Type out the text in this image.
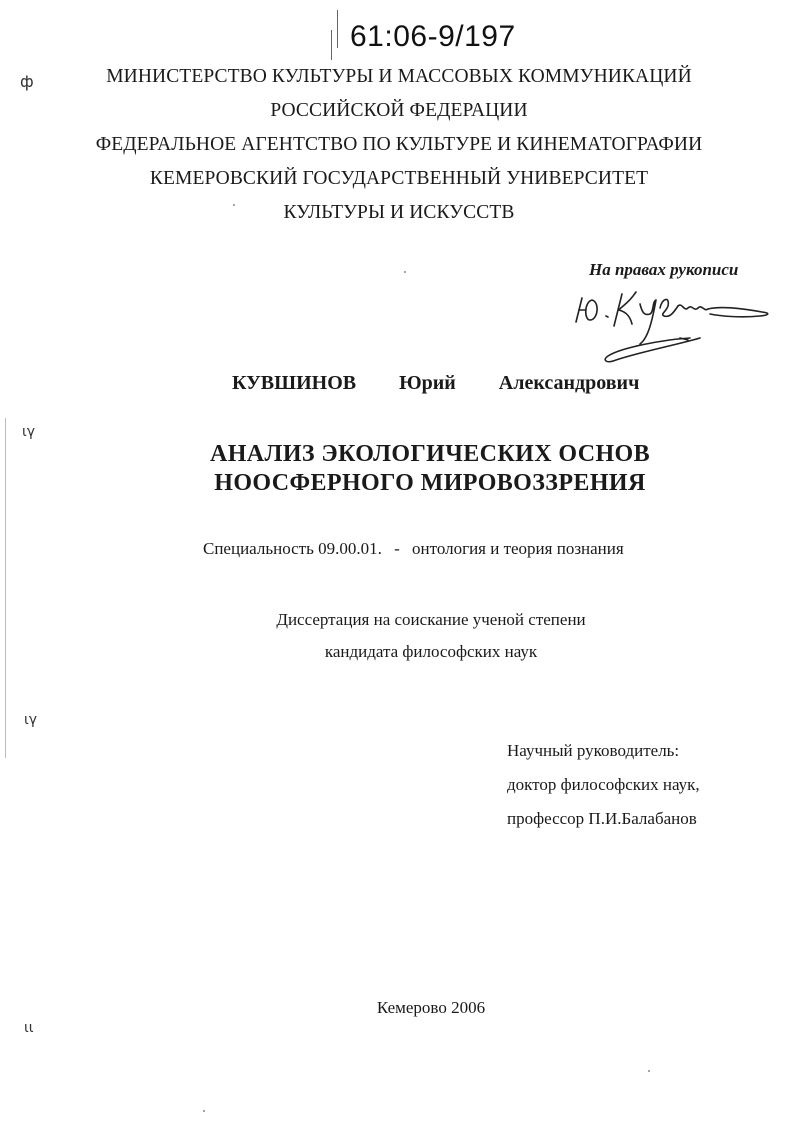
61:06-9/197
МИНИСТЕРСТВО КУЛЬТУРЫ И МАССОВЫХ КОММУНИКАЦИЙ
РОССИЙСКОЙ ФЕДЕРАЦИИ
ФЕДЕРАЛЬНОЕ АГЕНТСТВО ПО КУЛЬТУРЕ И КИНЕМАТОГРАФИИ
КЕМЕРОВСКИЙ ГОСУДАРСТВЕННЫЙ УНИВЕРСИТЕТ
КУЛЬТУРЫ И ИСКУССТВ
На правах рукописи
КУВШИНОВ Юрий Александрович
АНАЛИЗ ЭКОЛОГИЧЕСКИХ ОСНОВ
НООСФЕРНОГО МИРОВОЗЗРЕНИЯ
Специальность 09.00.01. - онтология и теория познания
Диссертация на соискание ученой степени
кандидата философских наук
Научный руководитель:
доктор философских наук,
профессор П.И.Балабанов
Кемерово 2006
ф
ιγ
ιγ
ιι
